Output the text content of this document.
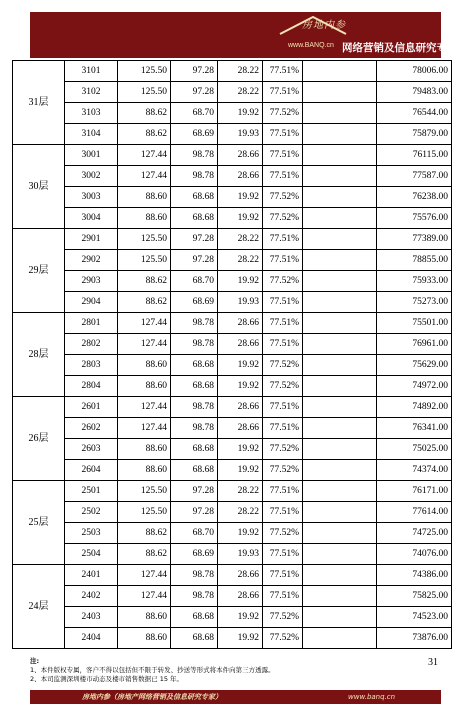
房地内参
www.BANQ.cn 网络营销及信息研究专家
31层	3101	125.50	97.28	28.22	77.51%		78006.00	
	3102	125.50	97.28	28.22	77.51%		79483.00	
	3103	88.62	68.70	19.92	77.52%		76544.00	
	3104	88.62	68.69	19.93	77.51%		75879.00	
30层	3001	127.44	98.78	28.66	77.51%		76115.00	
	3002	127.44	98.78	28.66	77.51%		77587.00	
	3003	88.60	68.68	19.92	77.52%		76238.00	
	3004	88.60	68.68	19.92	77.52%		75576.00	
29层	2901	125.50	97.28	28.22	77.51%		77389.00	
	2902	125.50	97.28	28.22	77.51%		78855.00	
	2903	88.62	68.70	19.92	77.52%		75933.00	
	2904	88.62	68.69	19.93	77.51%		75273.00	
28层	2801	127.44	98.78	28.66	77.51%		75501.00	
	2802	127.44	98.78	28.66	77.51%		76961.00	
	2803	88.60	68.68	19.92	77.52%		75629.00	
	2804	88.60	68.68	19.92	77.52%		74972.00	
26层	2601	127.44	98.78	28.66	77.51%		74892.00	
	2602	127.44	98.78	28.66	77.51%		76341.00	
	2603	88.60	68.68	19.92	77.52%		75025.00	
	2604	88.60	68.68	19.92	77.52%		74374.00	
25层	2501	125.50	97.28	28.22	77.51%		76171.00	
	2502	125.50	97.28	28.22	77.51%		77614.00	
	2503	88.62	68.70	19.92	77.52%		74725.00	
	2504	88.62	68.69	19.93	77.51%		74076.00	
24层	2401	127.44	98.78	28.66	77.51%		74386.00	
	2402	127.44	98.78	28.66	77.51%		75825.00	
	2403	88.60	68.68	19.92	77.52%		74523.00	
	2404	88.60	68.68	19.92	77.52%		73876.00	
注:
1、本件版权专属，客户不得以包括但不限于转发、抄送等形式将本件向第三方透露。
2、本司监测深圳楼市动态及楼市销售数据已 15 年。
31
房地内参（房地产网络营销及信息研究专家）	www.banq.cn
